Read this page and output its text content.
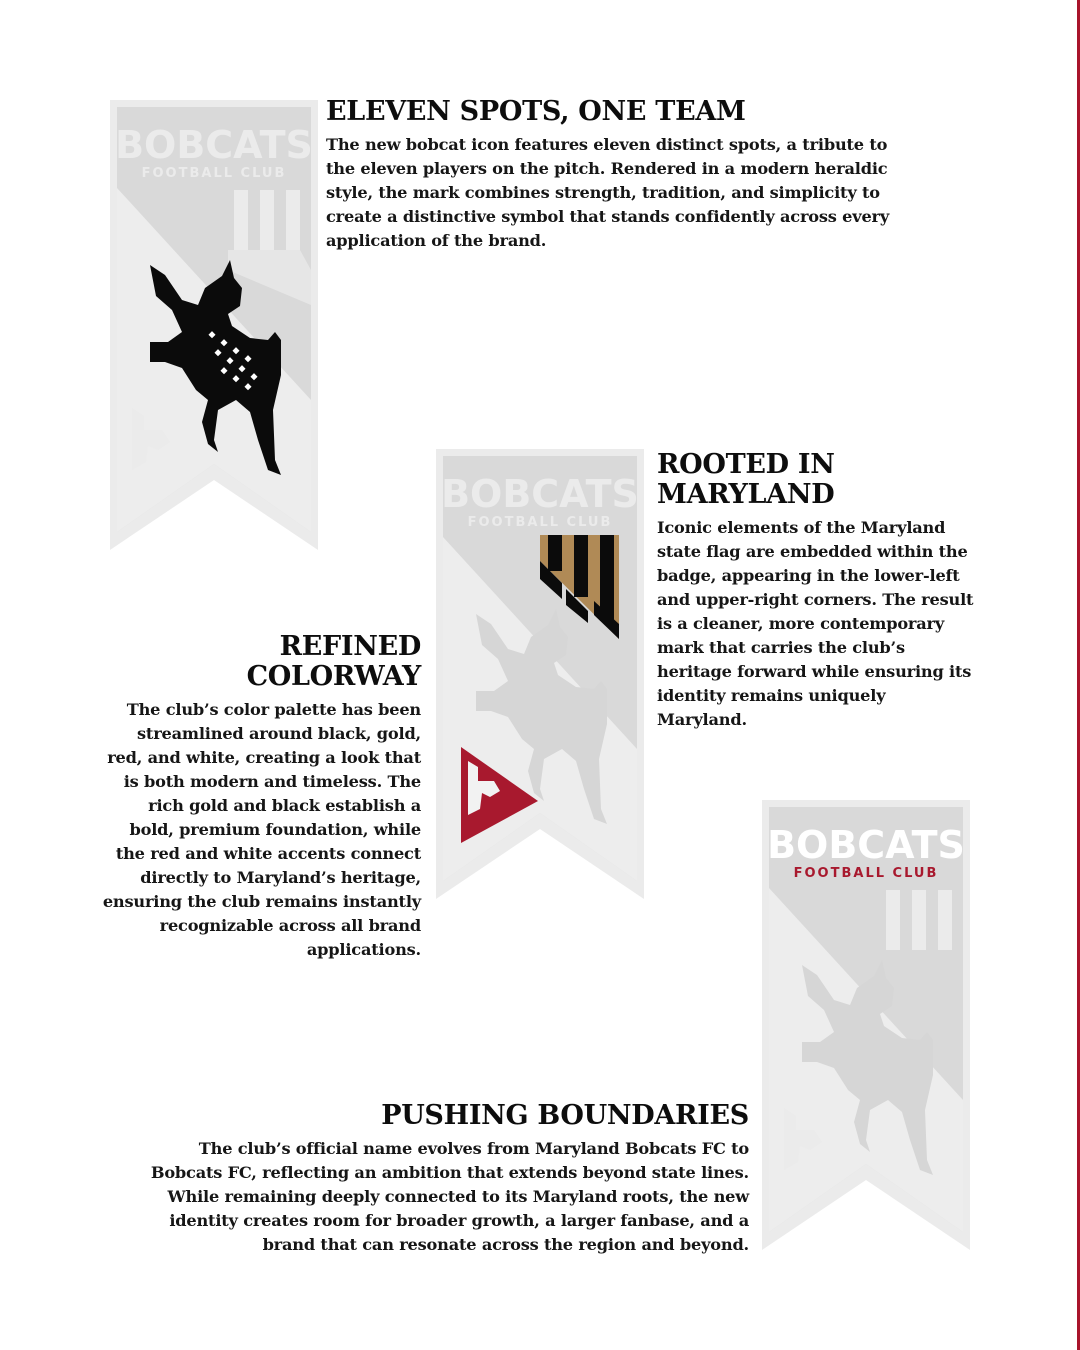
BOBCATS
FOOTBALL CLUB
BOBCATS
FOOTBALL CLUB
BOBCATS
FOOTBALL CLUB
ELEVEN SPOTS, ONE TEAM

The new bobcat icon features eleven distinct spots, a tribute to the eleven players on the pitch. Rendered in a modern heraldic style, the mark combines strength, tradition, and simplicity to create a distinctive symbol that stands confidently across every application of the brand.

ROOTED IN MARYLAND

Iconic elements of the Maryland state flag are embedded within the badge, appearing in the lower-left and upper-right corners. The result is a cleaner, more contemporary mark that carries the club’s heritage forward while ensuring its identity remains uniquely Maryland.

REFINED COLORWAY

The club’s color palette has been streamlined around black, gold, red, and white, creating a look that is both modern and timeless. The rich gold and black establish a bold, premium foundation, while the red and white accents connect directly to Maryland’s heritage, ensuring the club remains instantly recognizable across all brand applications.

PUSHING BOUNDARIES

The club’s official name evolves from Maryland Bobcats FC to Bobcats FC, reflecting an ambition that extends beyond state lines. While remaining deeply connected to its Maryland roots, the new identity creates room for broader growth, a larger fanbase, and a brand that can resonate across the region and beyond.
